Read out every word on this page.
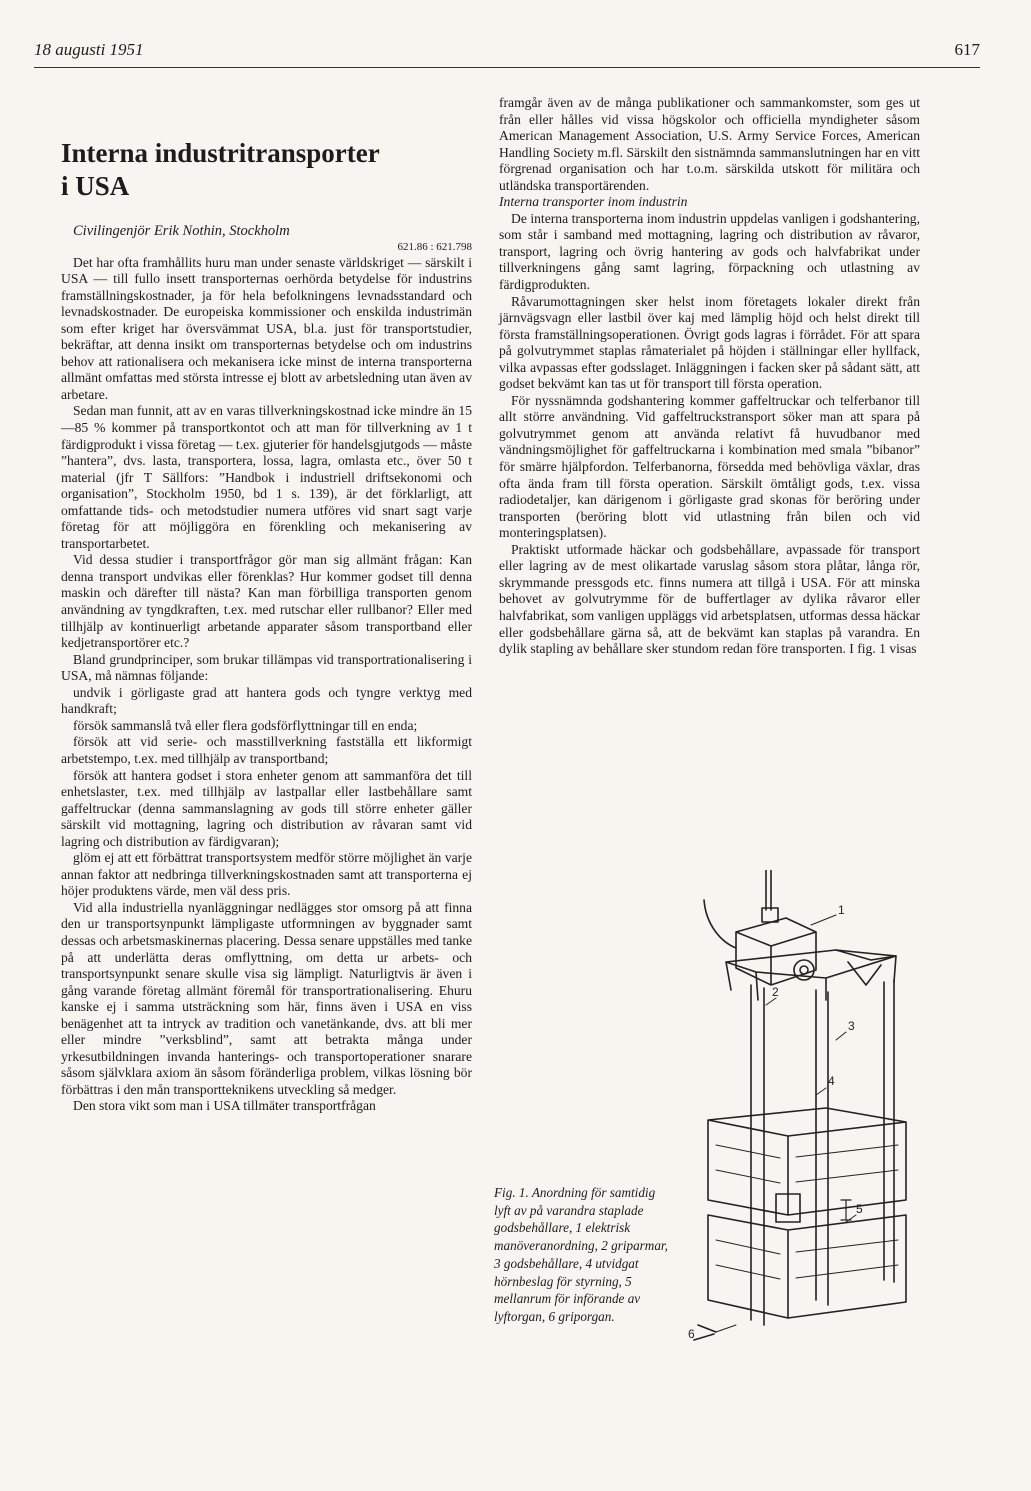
18 augusti 1951	617
Interna industritransporter
i USA

Civilingenjör Erik Nothin, Stockholm

621.86 : 621.798

Det har ofta framhållits huru man under senaste världskriget — särskilt i USA — till fullo insett transporternas oerhörda betydelse för industrins framställningskostnader, ja för hela befolkningens levnadsstandard och levnadskostnader. De europeiska kommissioner och enskilda industrimän som efter kriget har översvämmat USA, bl.a. just för transportstudier, bekräftar, att denna insikt om transporternas betydelse och om industrins behov att rationalisera och mekanisera icke minst de interna transporterna allmänt omfattas med största intresse ej blott av arbetsledning utan även av arbetare.

Sedan man funnit, att av en varas tillverkningskostnad icke mindre än 15—85 % kommer på transportkontot och att man för tillverkning av 1 t färdigprodukt i vissa företag — t.ex. gjuterier för handelsgjutgods — måste ”hantera”, dvs. lasta, transportera, lossa, lagra, omlasta etc., över 50 t material (jfr T Sällfors: ”Handbok i industriell driftsekonomi och organisation”, Stockholm 1950, bd 1 s. 139), är det förklarligt, att omfattande tids- och metodstudier numera utföres vid snart sagt varje företag för att möjliggöra en förenkling och mekanisering av transportarbetet.

Vid dessa studier i transportfrågor gör man sig allmänt frågan: Kan denna transport undvikas eller förenklas? Hur kommer godset till denna maskin och därefter till nästa? Kan man förbilliga transporten genom användning av tyngdkraften, t.ex. med rutschar eller rullbanor? Eller med tillhjälp av kontinuerligt arbetande apparater såsom transportband eller kedjetransportörer etc.?

Bland grundprinciper, som brukar tillämpas vid transportrationalisering i USA, må nämnas följande:

undvik i görligaste grad att hantera gods och tyngre verktyg med handkraft;

försök sammanslå två eller flera godsförflyttningar till en enda;

försök att vid serie- och masstillverkning fastställa ett likformigt arbetstempo, t.ex. med tillhjälp av transportband;

försök att hantera godset i stora enheter genom att sammanföra det till enhetslaster, t.ex. med tillhjälp av lastpallar eller lastbehållare samt gaffeltruckar (denna sammanslagning av gods till större enheter gäller särskilt vid mottagning, lagring och distribution av råvaran samt vid lagring och distribution av färdigvaran);

glöm ej att ett förbättrat transportsystem medför större möjlighet än varje annan faktor att nedbringa tillverkningskostnaden samt att transporterna ej höjer produktens värde, men väl dess pris.

Vid alla industriella nyanläggningar nedlägges stor omsorg på att finna den ur transportsynpunkt lämpligaste utformningen av byggnader samt dessas och arbetsmaskinernas placering. Dessa senare uppställes med tanke på att underlätta deras omflyttning, om detta ur arbets- och transportsynpunkt senare skulle visa sig lämpligt. Naturligtvis är även i gång varande företag allmänt föremål för transportrationalisering. Ehuru kanske ej i samma utsträckning som här, finns även i USA en viss benägenhet att ta intryck av tradition och vanetänkande, dvs. att bli mer eller mindre ”verksblind”, samt att betrakta många under yrkesutbildningen invanda hanterings- och transportoperationer snarare såsom självklara axiom än såsom föränderliga problem, vilkas lösning bör förbättras i den mån transportteknikens utveckling så medger.

Den stora vikt som man i USA tillmäter transportfrågan

framgår även av de många publikationer och sammankomster, som ges ut från eller hålles vid vissa högskolor och officiella myndigheter såsom American Management Association, U.S. Army Service Forces, American Handling Society m.fl. Särskilt den sistnämnda sammanslutningen har en vitt förgrenad organisation och har t.o.m. särskilda utskott för militära och utländska transportärenden.

Interna transporter inom industrin

De interna transporterna inom industrin uppdelas vanligen i godshantering, som står i samband med mottagning, lagring och distribution av råvaror, transport, lagring och övrig hantering av gods och halvfabrikat under tillverkningens gång samt lagring, förpackning och utlastning av färdigprodukten.

Råvarumottagningen sker helst inom företagets lokaler direkt från järnvägsvagn eller lastbil över kaj med lämplig höjd och helst direkt till första framställningsoperationen. Övrigt gods lagras i förrådet. För att spara på golvutrymmet staplas råmaterialet på höjden i ställningar eller hyllfack, vilka avpassas efter godsslaget. Inläggningen i facken sker på sådant sätt, att godset bekvämt kan tas ut för transport till första operation.

För nyssnämnda godshantering kommer gaffeltruckar och telferbanor till allt större användning. Vid gaffeltruckstransport söker man att spara på golvutrymmet genom att använda relativt få huvudbanor med vändningsmöjlighet för gaffeltruckarna i kombination med smala ”bibanor” för smärre hjälpfordon. Telferbanorna, försedda med behövliga växlar, dras ofta ända fram till första operation. Särskilt ömtåligt gods, t.ex. vissa radiodetaljer, kan därigenom i görligaste grad skonas för beröring under transporten (beröring blott vid utlastning från bilen och vid monteringsplatsen).

Praktiskt utformade häckar och godsbehållare, avpassade för transport eller lagring av de mest olikartade varuslag såsom stora plåtar, långa rör, skrymmande pressgods etc. finns numera att tillgå i USA. För att minska behovet av golvutrymme för de buffertlager av dylika råvaror eller halvfabrikat, som vanligen uppläggs vid arbetsplatsen, utformas dessa häckar eller godsbehållare gärna så, att de bekvämt kan staplas på varandra. En dylik stapling av behållare sker stundom redan före transporten. I fig. 1 visas

1
2
3
4
5
6
Fig. 1. Anordning för samtidig lyft av på varandra staplade godsbehållare, 1 elektrisk manöveranordning, 2 griparmar, 3 godsbehållare, 4 utvidgat hörnbeslag för styrning, 5 mellanrum för införande av lyftorgan, 6 griporgan.
